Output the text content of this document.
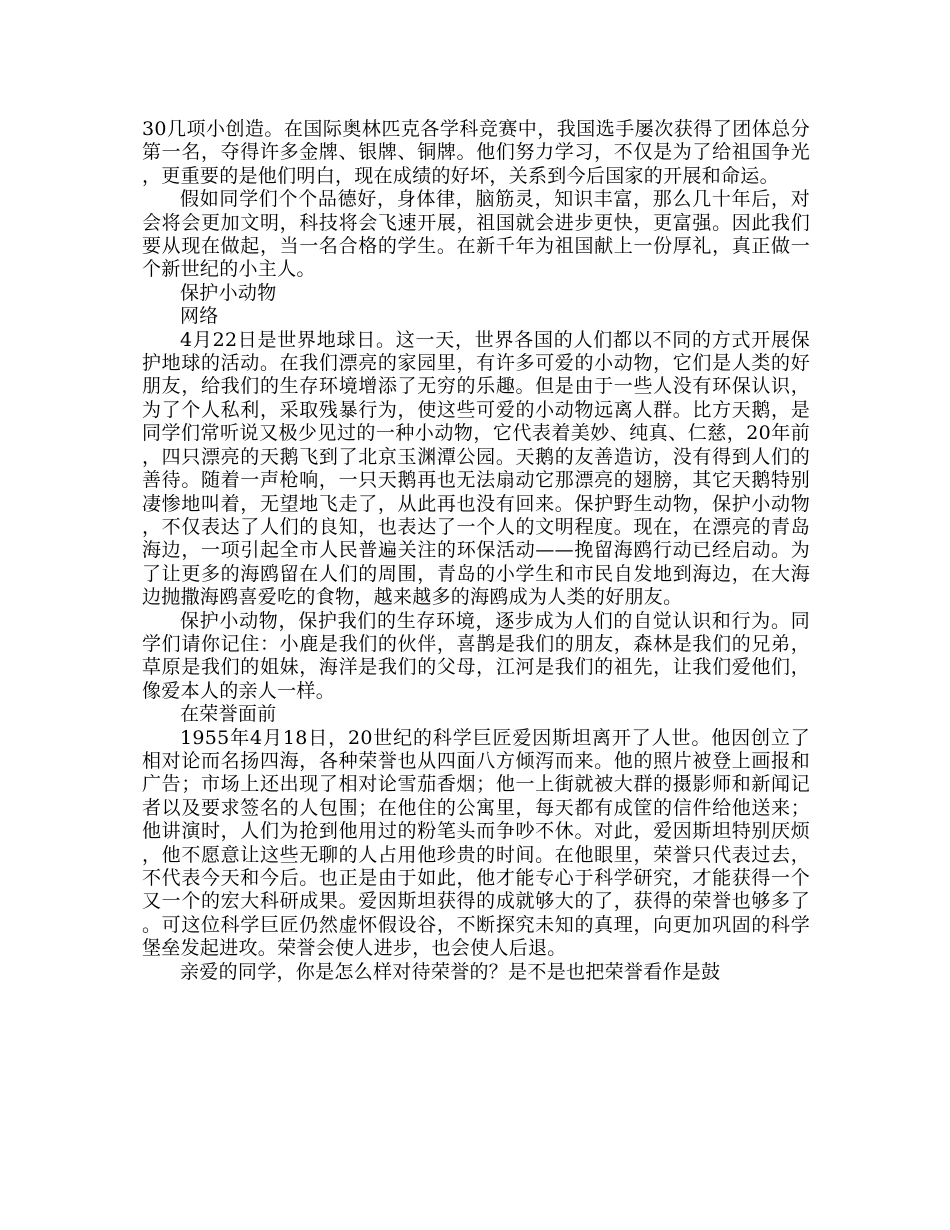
30几项小创造。在国际奥林匹克各学科竞赛中，我国选手屡次获得了团体总分第一名，夺得许多金牌、银牌、铜牌。他们努力学习，不仅是为了给祖国争光，更重要的是他们明白，现在成绩的好坏，关系到今后国家的开展和命运。

假如同学们个个品德好，身体律，脑筋灵，知识丰富，那么几十年后，对会将会更加文明，科技将会飞速开展，祖国就会进步更快，更富强。因此我们要从现在做起，当一名合格的学生。在新千年为祖国献上一份厚礼，真正做一个新世纪的小主人。

保护小动物

网络

4月22日是世界地球日。这一天，世界各国的人们都以不同的方式开展保护地球的活动。在我们漂亮的家园里，有许多可爱的小动物，它们是人类的好朋友，给我们的生存环境增添了无穷的乐趣。但是由于一些人没有环保认识，为了个人私利，采取残暴行为，使这些可爱的小动物远离人群。比方天鹅，是同学们常听说又极少见过的一种小动物，它代表着美妙、纯真、仁慈，20年前，四只漂亮的天鹅飞到了北京玉渊潭公园。天鹅的友善造访，没有得到人们的善待。随着一声枪响，一只天鹅再也无法扇动它那漂亮的翅膀，其它天鹅特别凄惨地叫着，无望地飞走了，从此再也没有回来。保护野生动物，保护小动物，不仅表达了人们的良知，也表达了一个人的文明程度。现在，在漂亮的青岛海边，一项引起全市人民普遍关注的环保活动——挽留海鸥行动已经启动。为了让更多的海鸥留在人们的周围，青岛的小学生和市民自发地到海边，在大海边抛撒海鸥喜爱吃的食物，越来越多的海鸥成为人类的好朋友。

保护小动物，保护我们的生存环境，逐步成为人们的自觉认识和行为。同学们请你记住：小鹿是我们的伙伴，喜鹊是我们的朋友，森林是我们的兄弟，草原是我们的姐妹，海洋是我们的父母，江河是我们的祖先，让我们爱他们，像爱本人的亲人一样。

在荣誉面前

1955年4月18日，20世纪的科学巨匠爱因斯坦离开了人世。他因创立了相对论而名扬四海，各种荣誉也从四面八方倾泻而来。他的照片被登上画报和广告；市场上还出现了相对论雪茄香烟；他一上街就被大群的摄影师和新闻记者以及要求签名的人包围；在他住的公寓里，每天都有成筐的信件给他送来；他讲演时，人们为抢到他用过的粉笔头而争吵不休。对此，爱因斯坦特别厌烦，他不愿意让这些无聊的人占用他珍贵的时间。在他眼里，荣誉只代表过去，不代表今天和今后。也正是由于如此，他才能专心于科学研究，才能获得一个又一个的宏大科研成果。爱因斯坦获得的成就够大的了，获得的荣誉也够多了。可这位科学巨匠仍然虚怀假设谷，不断探究未知的真理，向更加巩固的科学堡垒发起进攻。荣誉会使人进步，也会使人后退。

亲爱的同学，你是怎么样对待荣誉的？是不是也把荣誉看作是鼓
